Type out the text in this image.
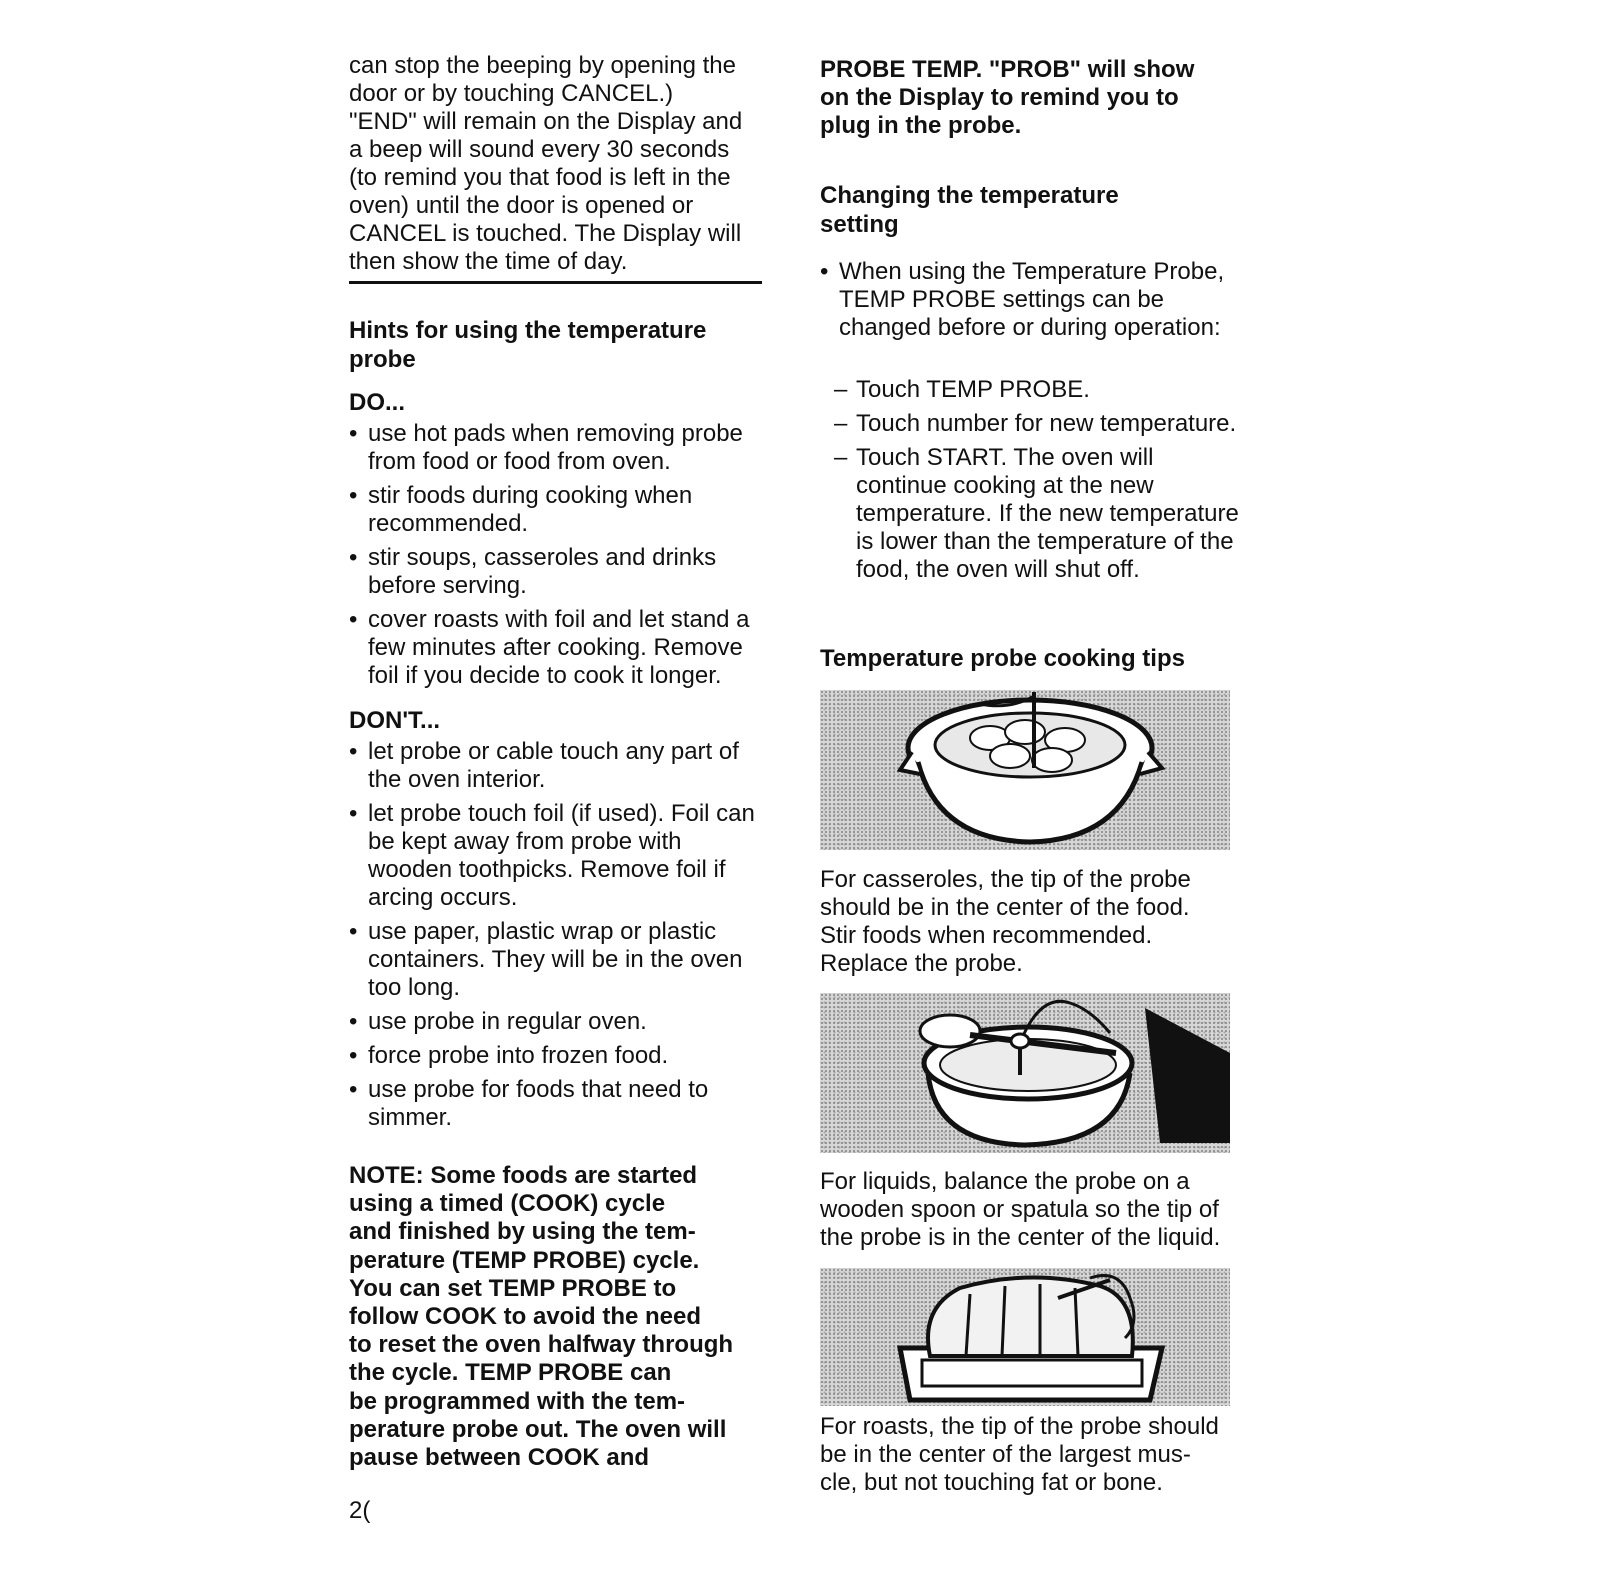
can stop the beeping by opening the
door or by touching CANCEL.)
"END" will remain on the Display and
a beep will sound every 30 seconds
(to remind you that food is left in the
oven) until the door is opened or
CANCEL is touched. The Display will
then show the time of day.
Hints for using the temperature probe
DO...
• use hot pads when removing probe from food or food from oven.
• stir foods during cooking when recommended.
• stir soups, casseroles and drinks before serving.
• cover roasts with foil and let stand a few minutes after cooking. Remove foil if you decide to cook it longer.
DON'T...
• let probe or cable touch any part of the oven interior.
• let probe touch foil (if used). Foil can be kept away from probe with wooden toothpicks. Remove foil if arcing occurs.
• use paper, plastic wrap or plastic containers. They will be in the oven too long.
• use probe in regular oven.
• force probe into frozen food.
• use probe for foods that need to simmer.
NOTE: Some foods are started
using a timed (COOK) cycle
and finished by using the tem-
perature (TEMP PROBE) cycle.
You can set TEMP PROBE to
follow COOK to avoid the need
to reset the oven halfway through
the cycle. TEMP PROBE can
be programmed with the tem-
perature probe out. The oven will
pause between COOK and
PROBE TEMP. "PROB" will show
on the Display to remind you to
plug in the probe.
Changing the temperature
setting
• When using the Temperature Probe, TEMP PROBE settings can be changed before or during operation:
– Touch TEMP PROBE.
– Touch number for new temperature.
– Touch START. The oven will continue cooking at the new temperature. If the new temperature is lower than the temperature of the food, the oven will shut off.
Temperature probe cooking tips
For casseroles, the tip of the probe
should be in the center of the food.
Stir foods when recommended.
Replace the probe.
For liquids, balance the probe on a
wooden spoon or spatula so the tip of
the probe is in the center of the liquid.
For roasts, the tip of the probe should
be in the center of the largest mus-
cle, but not touching fat or bone.
2(
